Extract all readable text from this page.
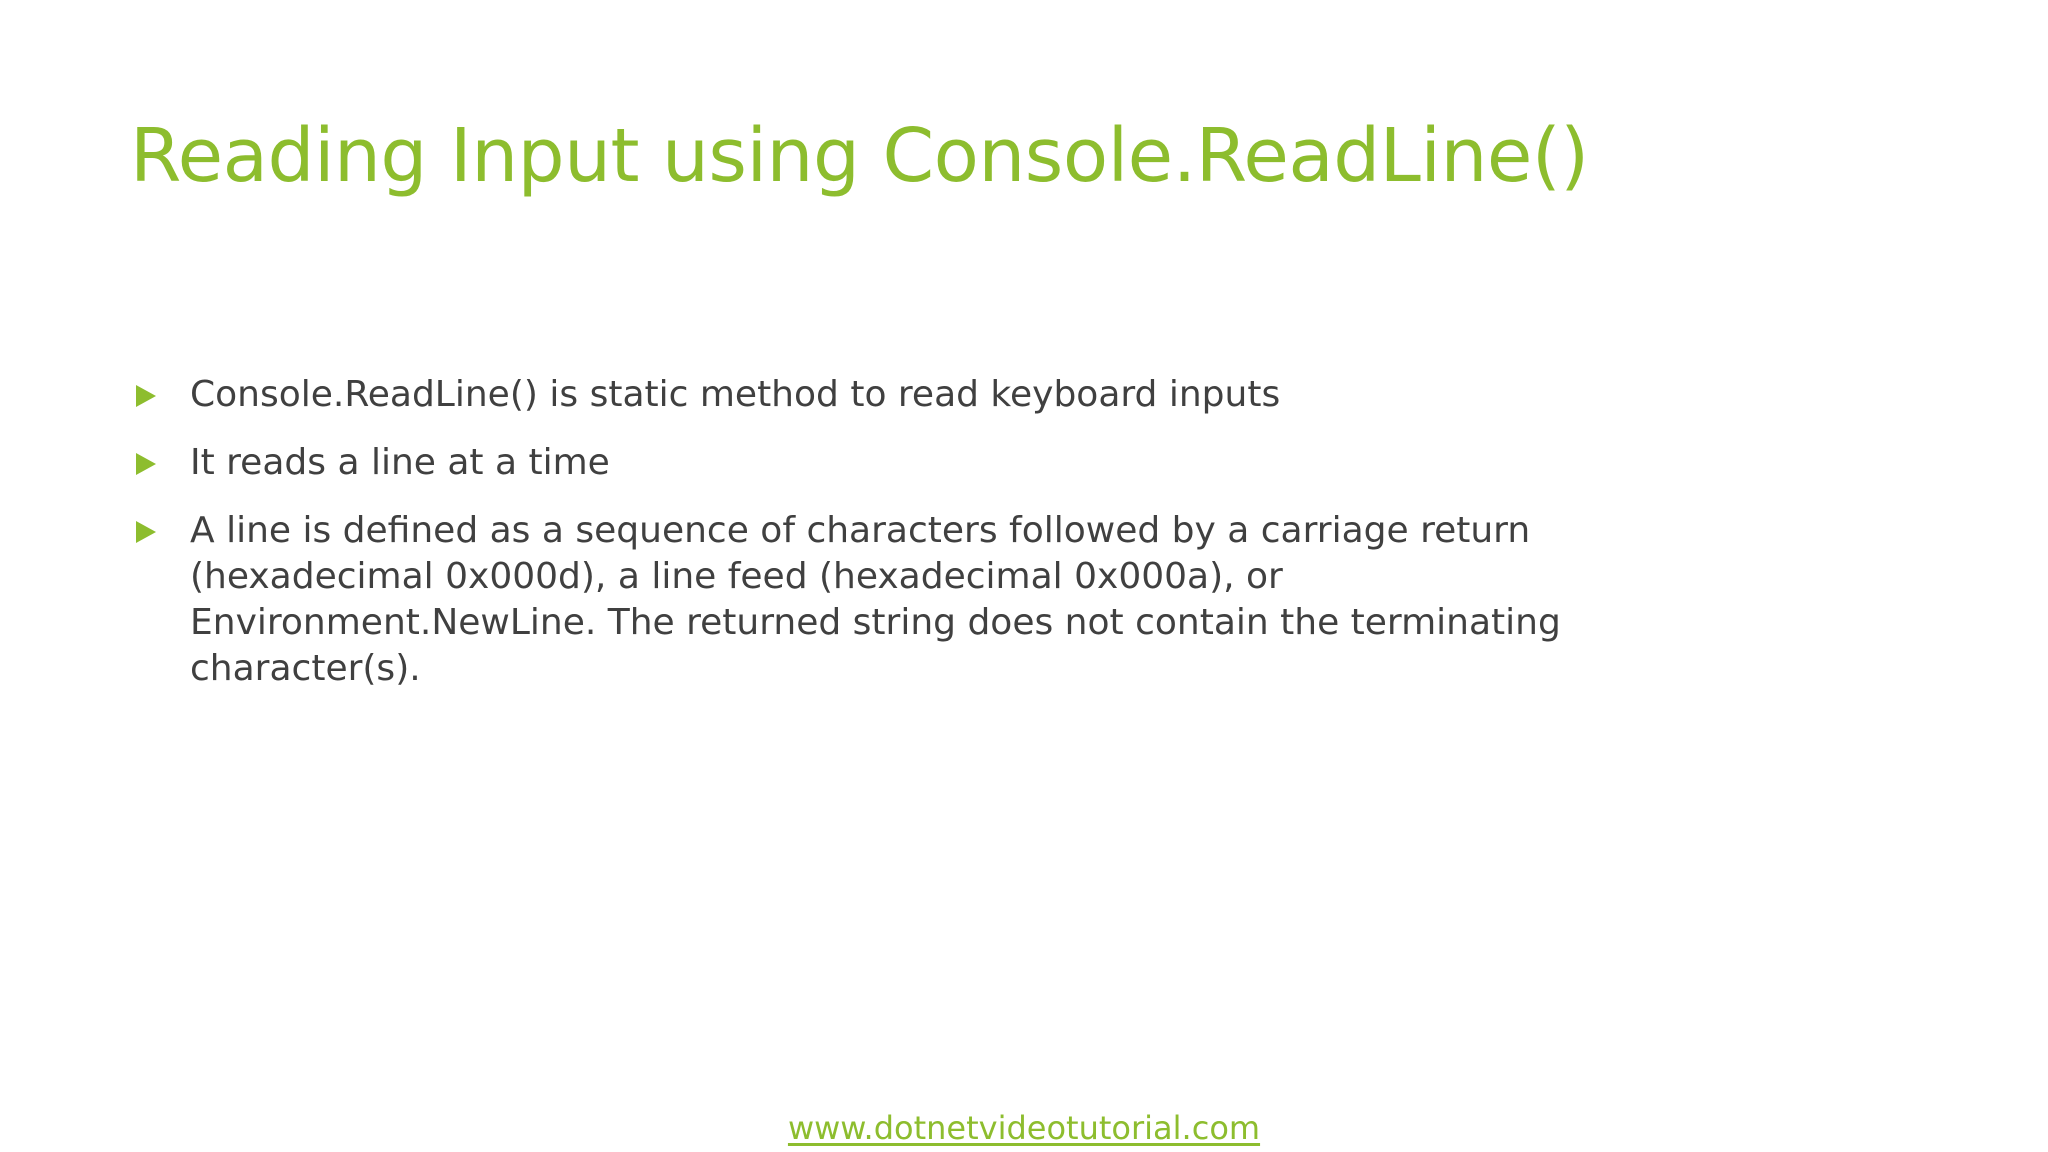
Reading Input using Console.ReadLine()
Console.ReadLine() is static method to read keyboard inputs
It reads a line at a time
A line is defined as a sequence of characters followed by a carriage return (hexadecimal 0x000d), a line feed (hexadecimal 0x000a), or Environment.NewLine. The returned string does not contain the terminating character(s).
www.dotnetvideotutorial.com
